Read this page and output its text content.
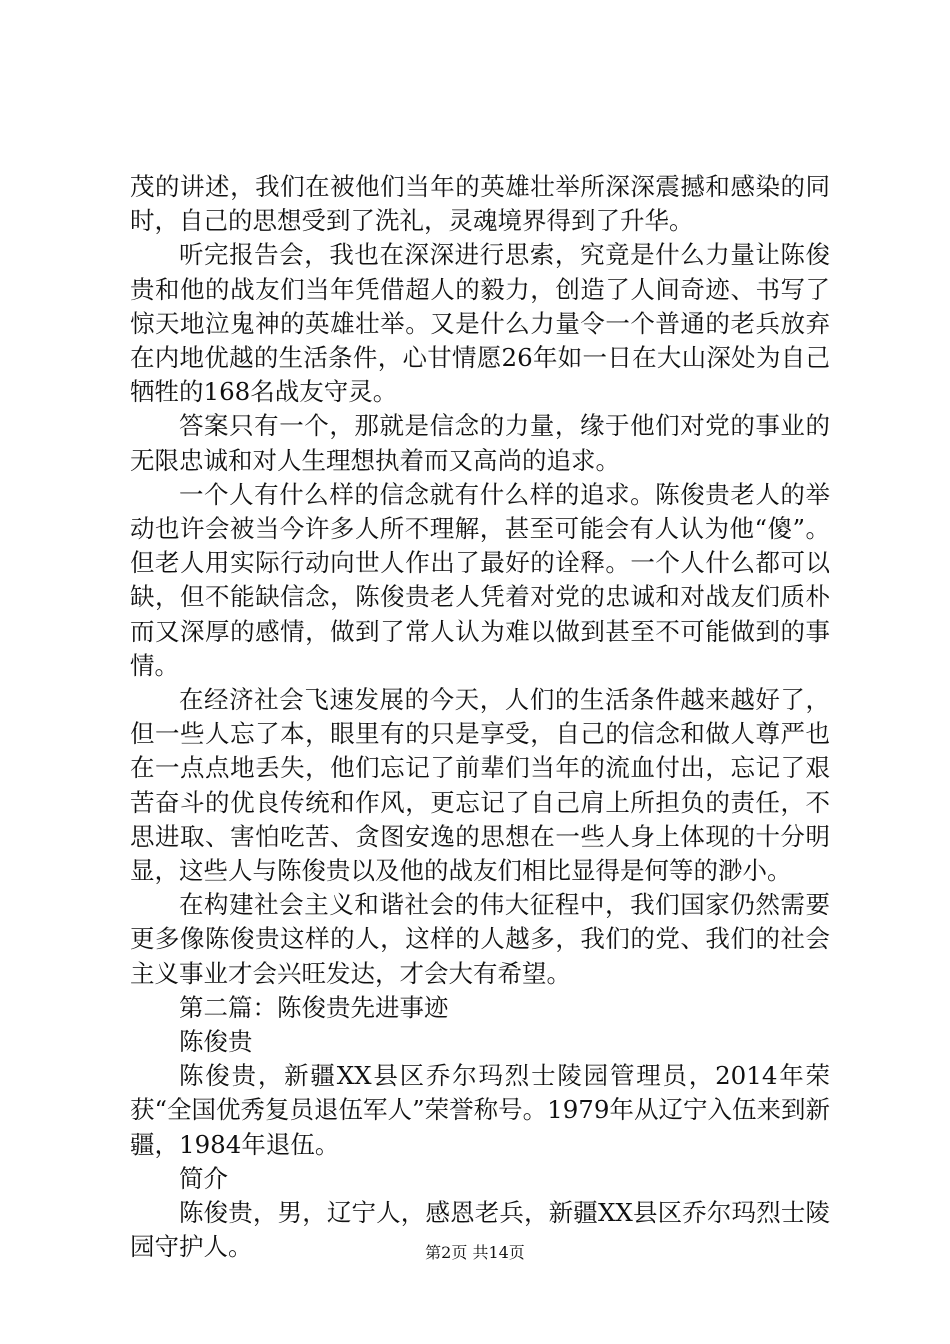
茂的讲述，我们在被他们当年的英雄壮举所深深震撼和感染的同时，自己的思想受到了洗礼，灵魂境界得到了升华。

听完报告会，我也在深深进行思索，究竟是什么力量让陈俊贵和他的战友们当年凭借超人的毅力，创造了人间奇迹、书写了惊天地泣鬼神的英雄壮举。又是什么力量令一个普通的老兵放弃在内地优越的生活条件，心甘情愿26年如一日在大山深处为自己牺牲的168名战友守灵。

答案只有一个，那就是信念的力量，缘于他们对党的事业的无限忠诚和对人生理想执着而又高尚的追求。

一个人有什么样的信念就有什么样的追求。陈俊贵老人的举动也许会被当今许多人所不理解，甚至可能会有人认为他“傻”。但老人用实际行动向世人作出了最好的诠释。一个人什么都可以缺，但不能缺信念，陈俊贵老人凭着对党的忠诚和对战友们质朴而又深厚的感情，做到了常人认为难以做到甚至不可能做到的事情。

在经济社会飞速发展的今天，人们的生活条件越来越好了，但一些人忘了本，眼里有的只是享受，自己的信念和做人尊严也在一点点地丢失，他们忘记了前辈们当年的流血付出，忘记了艰苦奋斗的优良传统和作风，更忘记了自己肩上所担负的责任，不思进取、害怕吃苦、贪图安逸的思想在一些人身上体现的十分明显，这些人与陈俊贵以及他的战友们相比显得是何等的渺小。

在构建社会主义和谐社会的伟大征程中，我们国家仍然需要更多像陈俊贵这样的人，这样的人越多，我们的党、我们的社会主义事业才会兴旺发达，才会大有希望。

第二篇：陈俊贵先进事迹

陈俊贵

陈俊贵，新疆XX县区乔尔玛烈士陵园管理员，2014年荣获“全国优秀复员退伍军人”荣誉称号。1979年从辽宁入伍来到新疆，1984年退伍。

简介

陈俊贵，男，辽宁人，感恩老兵，新疆XX县区乔尔玛烈士陵园守护人。	第2页 共14页
